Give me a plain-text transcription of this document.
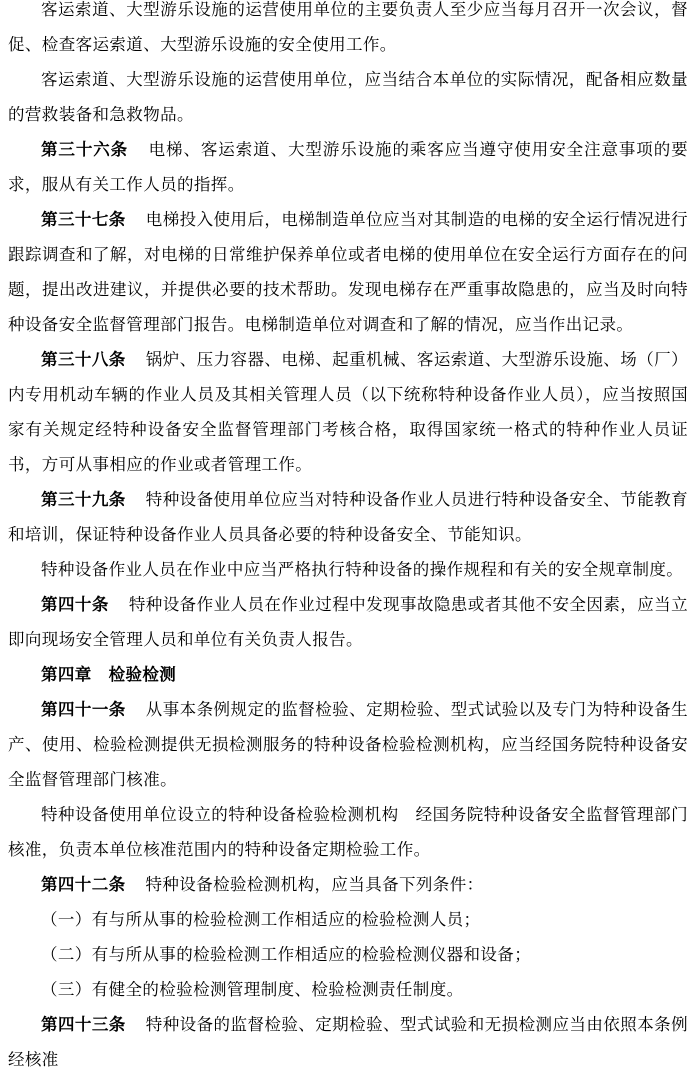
客运索道、大型游乐设施的运营使用单位的主要负责人至少应当每月召开一次会议，督促、检查客运索道、大型游乐设施的安全使用工作。

客运索道、大型游乐设施的运营使用单位，应当结合本单位的实际情况，配备相应数量的营救装备和急救物品。

第三十六条 电梯、客运索道、大型游乐设施的乘客应当遵守使用安全注意事项的要求，服从有关工作人员的指挥。

第三十七条 电梯投入使用后，电梯制造单位应当对其制造的电梯的安全运行情况进行跟踪调查和了解，对电梯的日常维护保养单位或者电梯的使用单位在安全运行方面存在的问题，提出改进建议，并提供必要的技术帮助。发现电梯存在严重事故隐患的，应当及时向特种设备安全监督管理部门报告。电梯制造单位对调查和了解的情况，应当作出记录。

第三十八条 锅炉、压力容器、电梯、起重机械、客运索道、大型游乐设施、场（厂）内专用机动车辆的作业人员及其相关管理人员（以下统称特种设备作业人员），应当按照国家有关规定经特种设备安全监督管理部门考核合格，取得国家统一格式的特种作业人员证书，方可从事相应的作业或者管理工作。

第三十九条 特种设备使用单位应当对特种设备作业人员进行特种设备安全、节能教育和培训，保证特种设备作业人员具备必要的特种设备安全、节能知识。

特种设备作业人员在作业中应当严格执行特种设备的操作规程和有关的安全规章制度。

第四十条 特种设备作业人员在作业过程中发现事故隐患或者其他不安全因素，应当立即向现场安全管理人员和单位有关负责人报告。

第四章　检验检测

第四十一条 从事本条例规定的监督检验、定期检验、型式试验以及专门为特种设备生产、使用、检验检测提供无损检测服务的特种设备检验检测机构，应当经国务院特种设备安全监督管理部门核准。

特种设备使用单位设立的特种设备检验检测机构　经国务院特种设备安全监督管理部门核准，负责本单位核准范围内的特种设备定期检验工作。

第四十二条 特种设备检验检测机构，应当具备下列条件：

（一）有与所从事的检验检测工作相适应的检验检测人员；

（二）有与所从事的检验检测工作相适应的检验检测仪器和设备；

（三）有健全的检验检测管理制度、检验检测责任制度。

第四十三条 特种设备的监督检验、定期检验、型式试验和无损检测应当由依照本条例经核准
